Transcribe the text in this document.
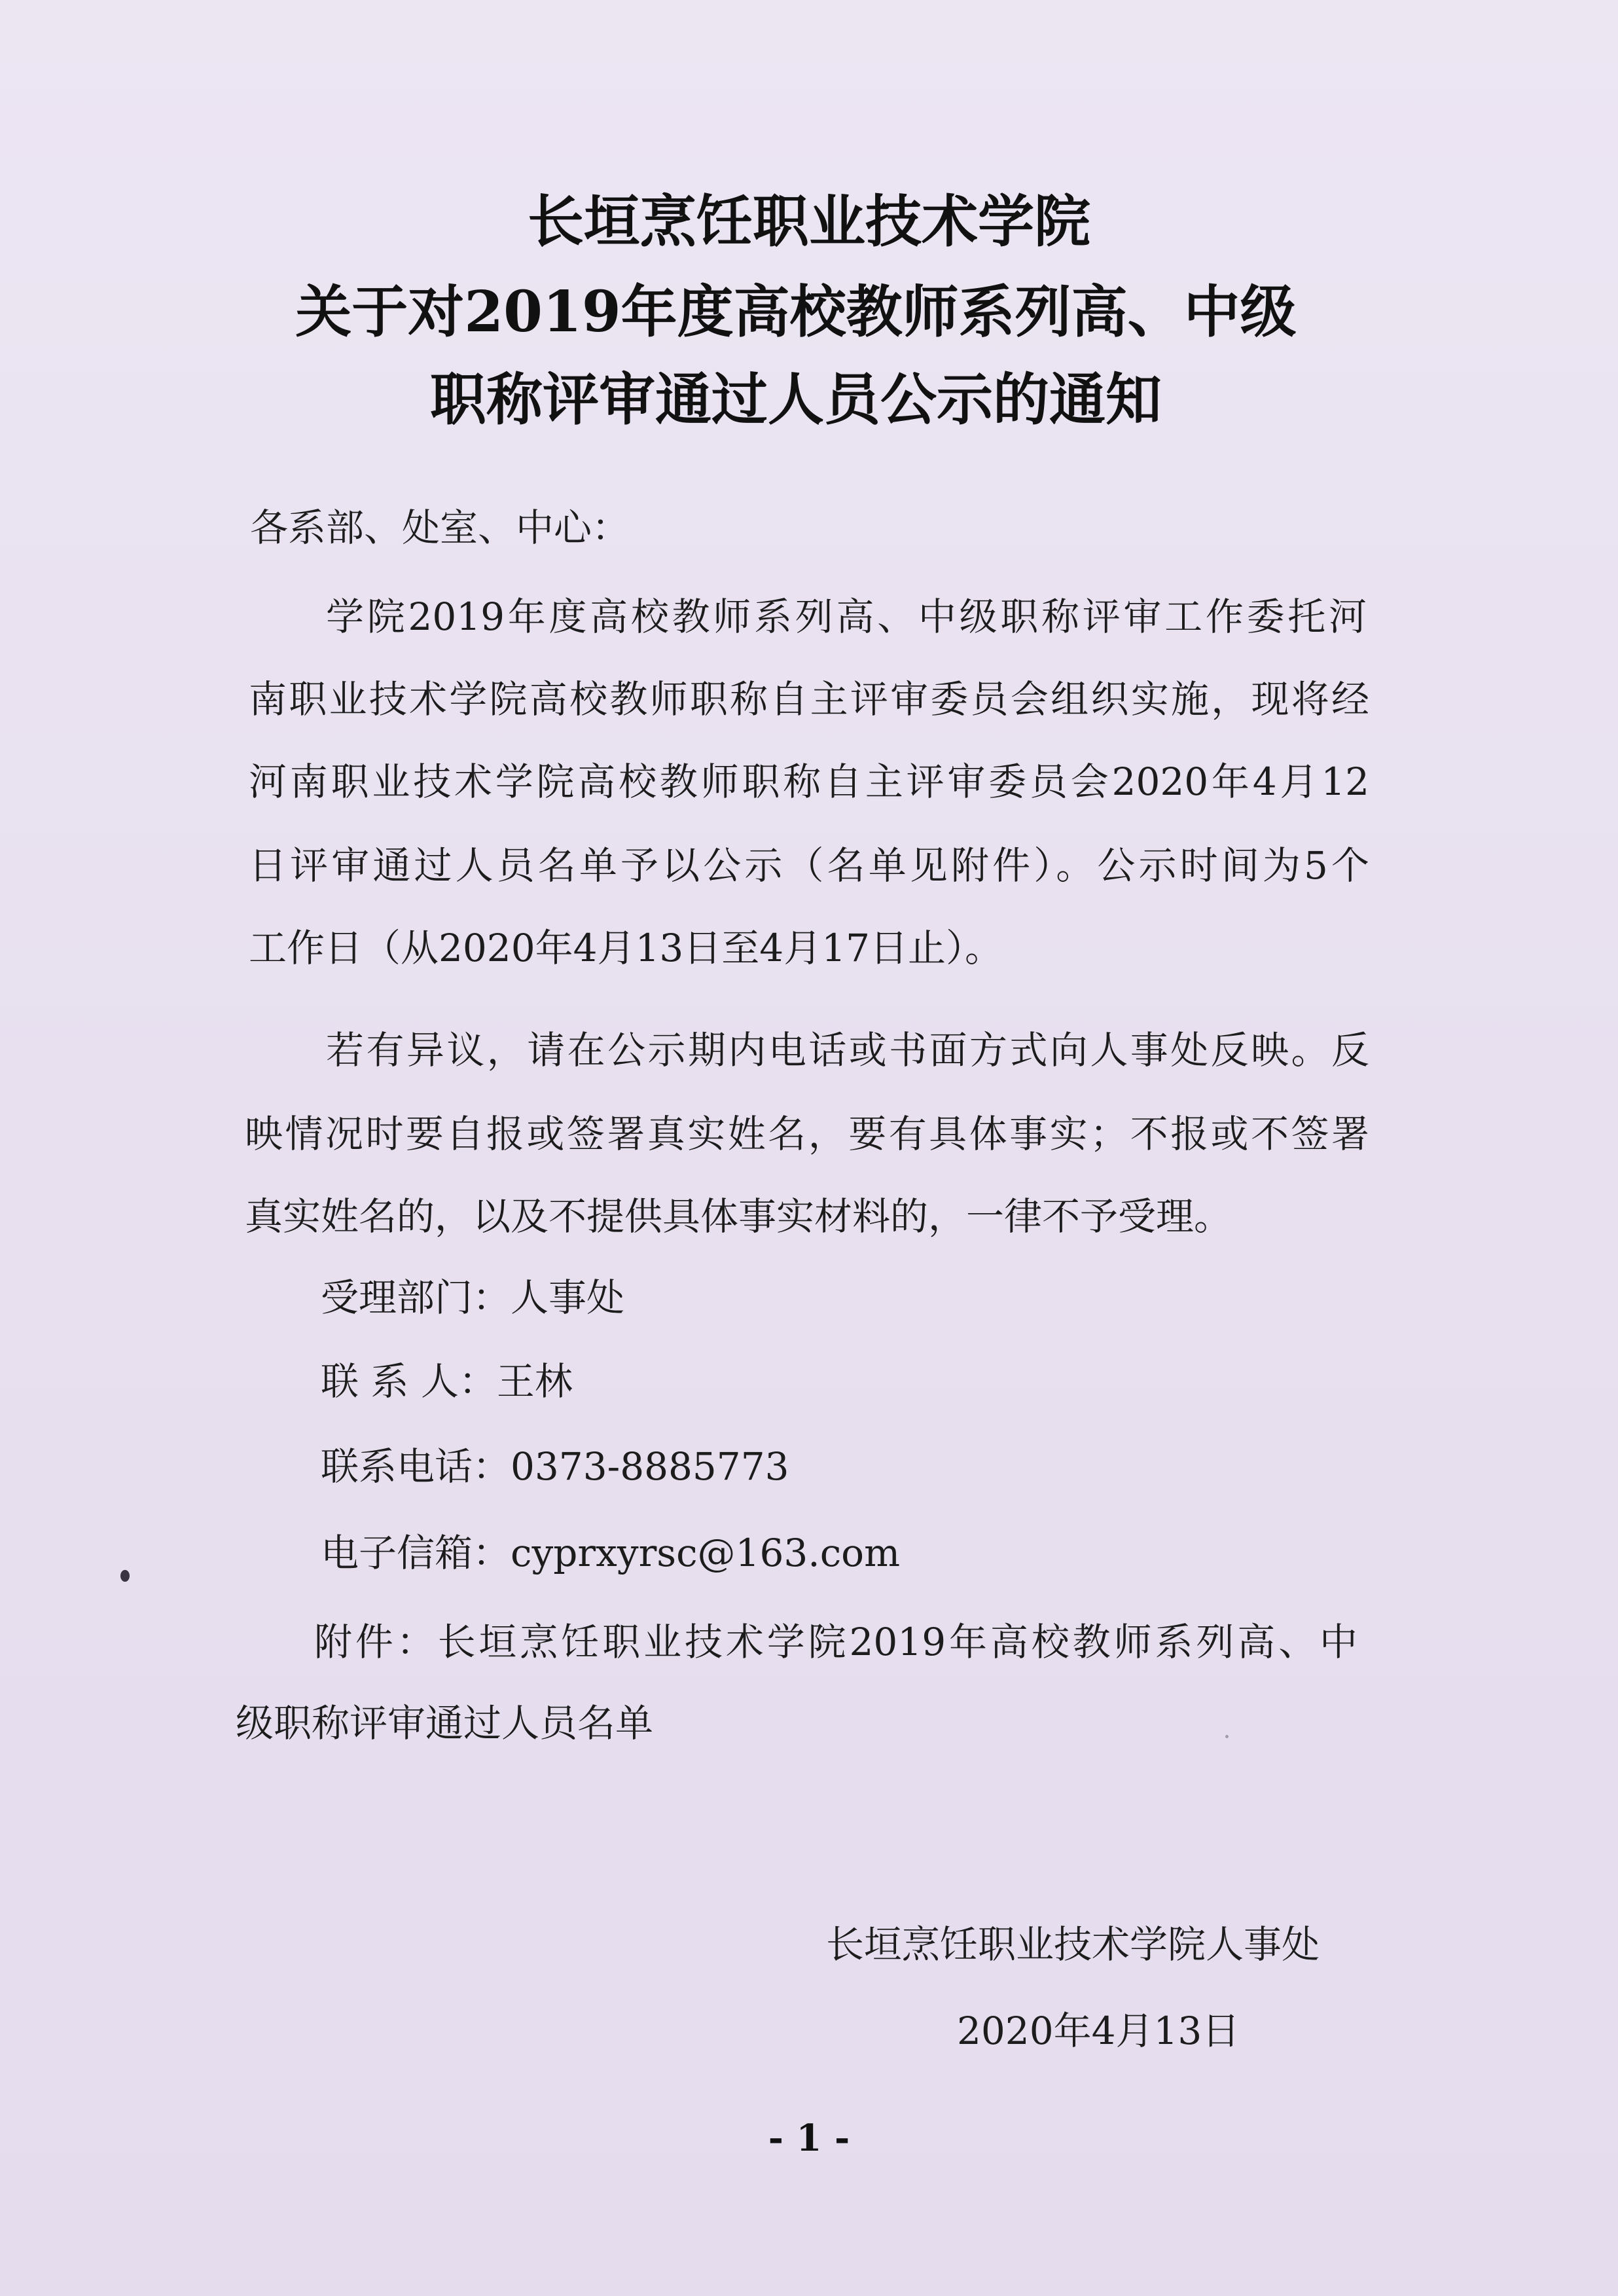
长垣烹饪职业技术学院
关于对2019年度高校教师系列高、中级
职称评审通过人员公示的通知
各系部、处室、中心：
学院2019年度高校教师系列高、中级职称评审工作委托河
南职业技术学院高校教师职称自主评审委员会组织实施，现将经
河南职业技术学院高校教师职称自主评审委员会2020年4月12
日评审通过人员名单予以公示（名单见附件）。公示时间为5个
工作日（从2020年4月13日至4月17日止）。
若有异议，请在公示期内电话或书面方式向人事处反映。反
映情况时要自报或签署真实姓名，要有具体事实；不报或不签署
真实姓名的，以及不提供具体事实材料的，一律不予受理。
受理部门：人事处
联 系 人：王林
联系电话：0373-8885773
电子信箱：cyprxyrsc@163.com
附件：长垣烹饪职业技术学院2019年高校教师系列高、中
级职称评审通过人员名单
长垣烹饪职业技术学院人事处
2020年4月13日
- 1 -
